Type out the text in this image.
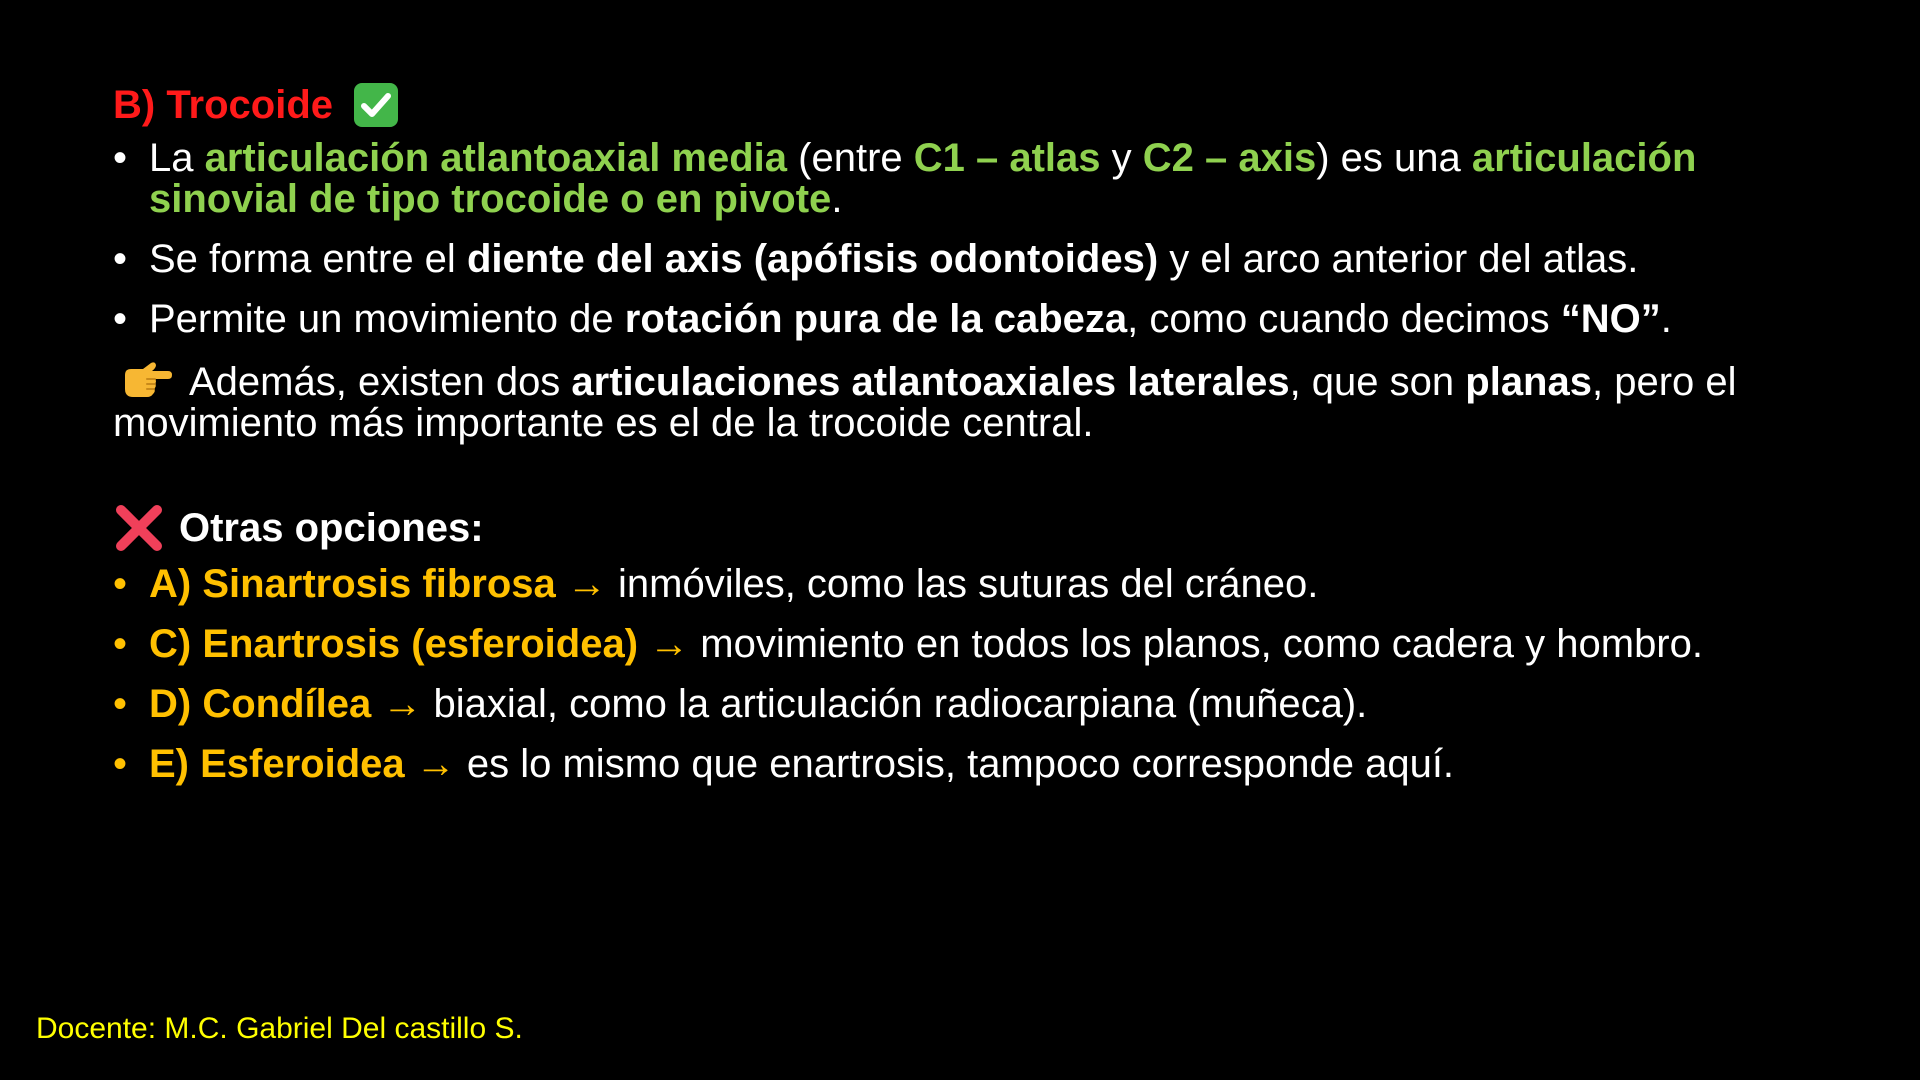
B) Trocoide
• La articulación atlantoaxial media (entre C1 – atlas y C2 – axis) es una articulación sinovial de tipo trocoide o en pivote.
• Se forma entre el diente del axis (apófisis odontoides) y el arco anterior del atlas.
• Permite un movimiento de rotación pura de la cabeza, como cuando decimos “NO”.
Además, existen dos articulaciones atlantoaxiales laterales, que son planas, pero el movimiento más importante es el de la trocoide central.
Otras opciones:
• A) Sinartrosis fibrosa → inmóviles, como las suturas del cráneo.
• C) Enartrosis (esferoidea) → movimiento en todos los planos, como cadera y hombro.
• D) Condílea → biaxial, como la articulación radiocarpiana (muñeca).
• E) Esferoidea → es lo mismo que enartrosis, tampoco corresponde aquí.
Docente: M.C. Gabriel Del castillo S.
